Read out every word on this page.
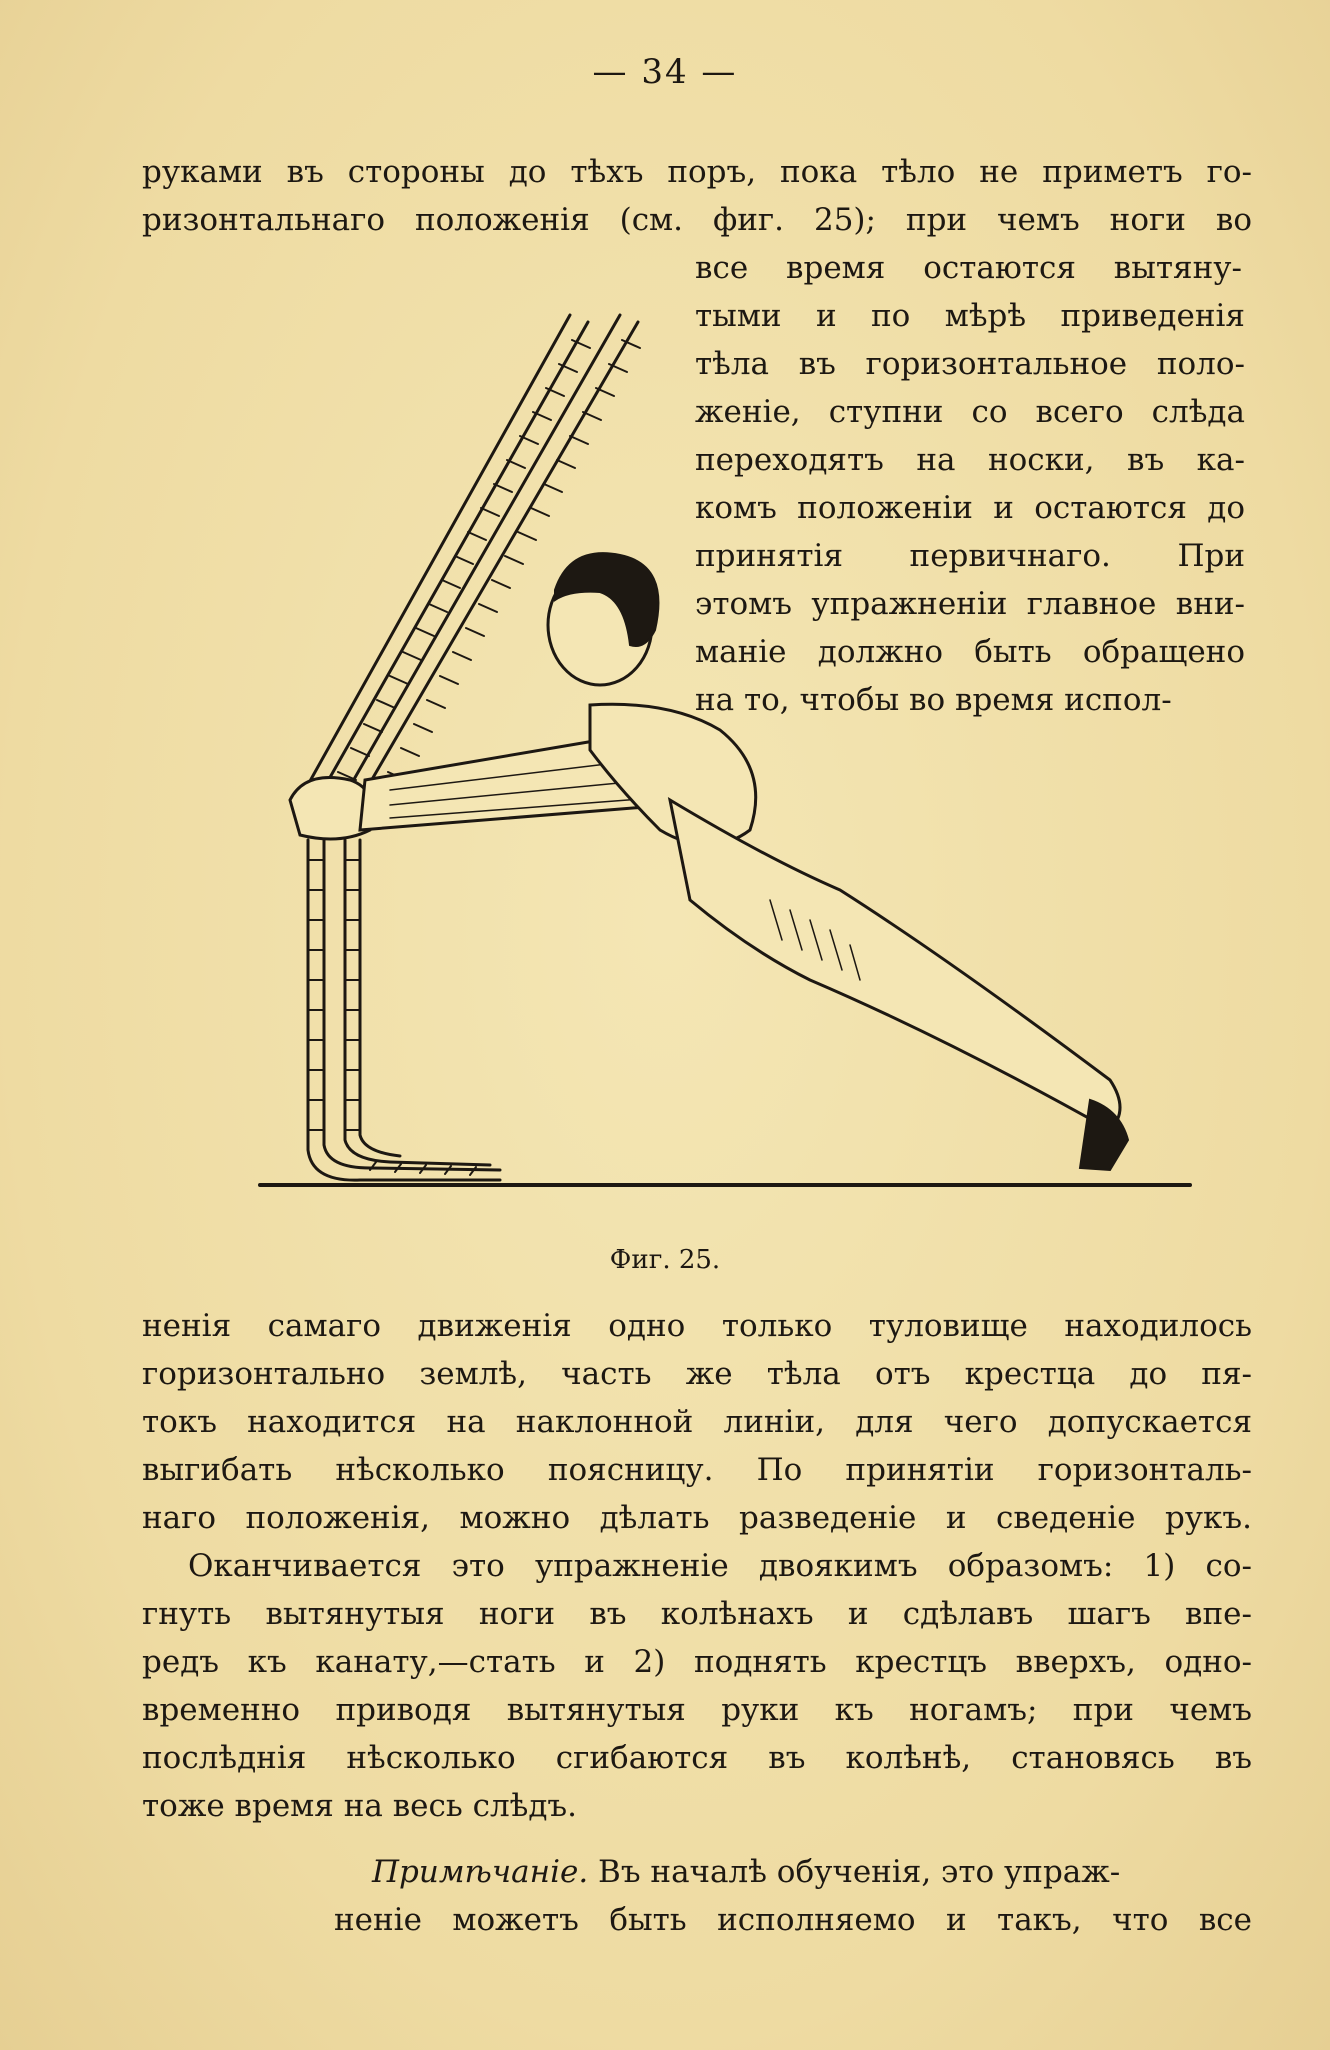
— 34 —
руками въ стороны до тѣхъ поръ, пока тѣло не приметъ го-
ризонтальнаго положенія (см. фиг. 25); при чемъ ноги во
все время остаются вытяну-
тыми и по мѣрѣ приведенія
тѣла въ горизонтальное поло-
женіе, ступни со всего слѣда
переходятъ на носки, въ ка-
комъ положеніи и остаются до
принятія первичнаго. При
этомъ упражненіи главное вни-
маніе должно быть обращено
на то, чтобы во время испол-
Фиг. 25.
ненія самаго движенія одно только туловище находилось
горизонтально землѣ, часть же тѣла отъ крестца до пя-
токъ находится на наклонной линіи, для чего допускается
выгибать нѣсколько поясницу. По принятіи горизонталь-
наго положенія, можно дѣлать разведеніе и сведеніе рукъ.
Оканчивается это упражненіе двоякимъ образомъ: 1) со-
гнуть вытянутыя ноги въ колѣнахъ и сдѣлавъ шагъ впе-
редъ къ канату,—стать и 2) поднять крестцъ вверхъ, одно-
временно приводя вытянутыя руки къ ногамъ; при чемъ
послѣднія нѣсколько сгибаются въ колѣнѣ, становясь въ
тоже время на весь слѣдъ.
Примѣчаніе. Въ началѣ обученія, это упраж-
неніе можетъ быть исполняемо и такъ, что все
